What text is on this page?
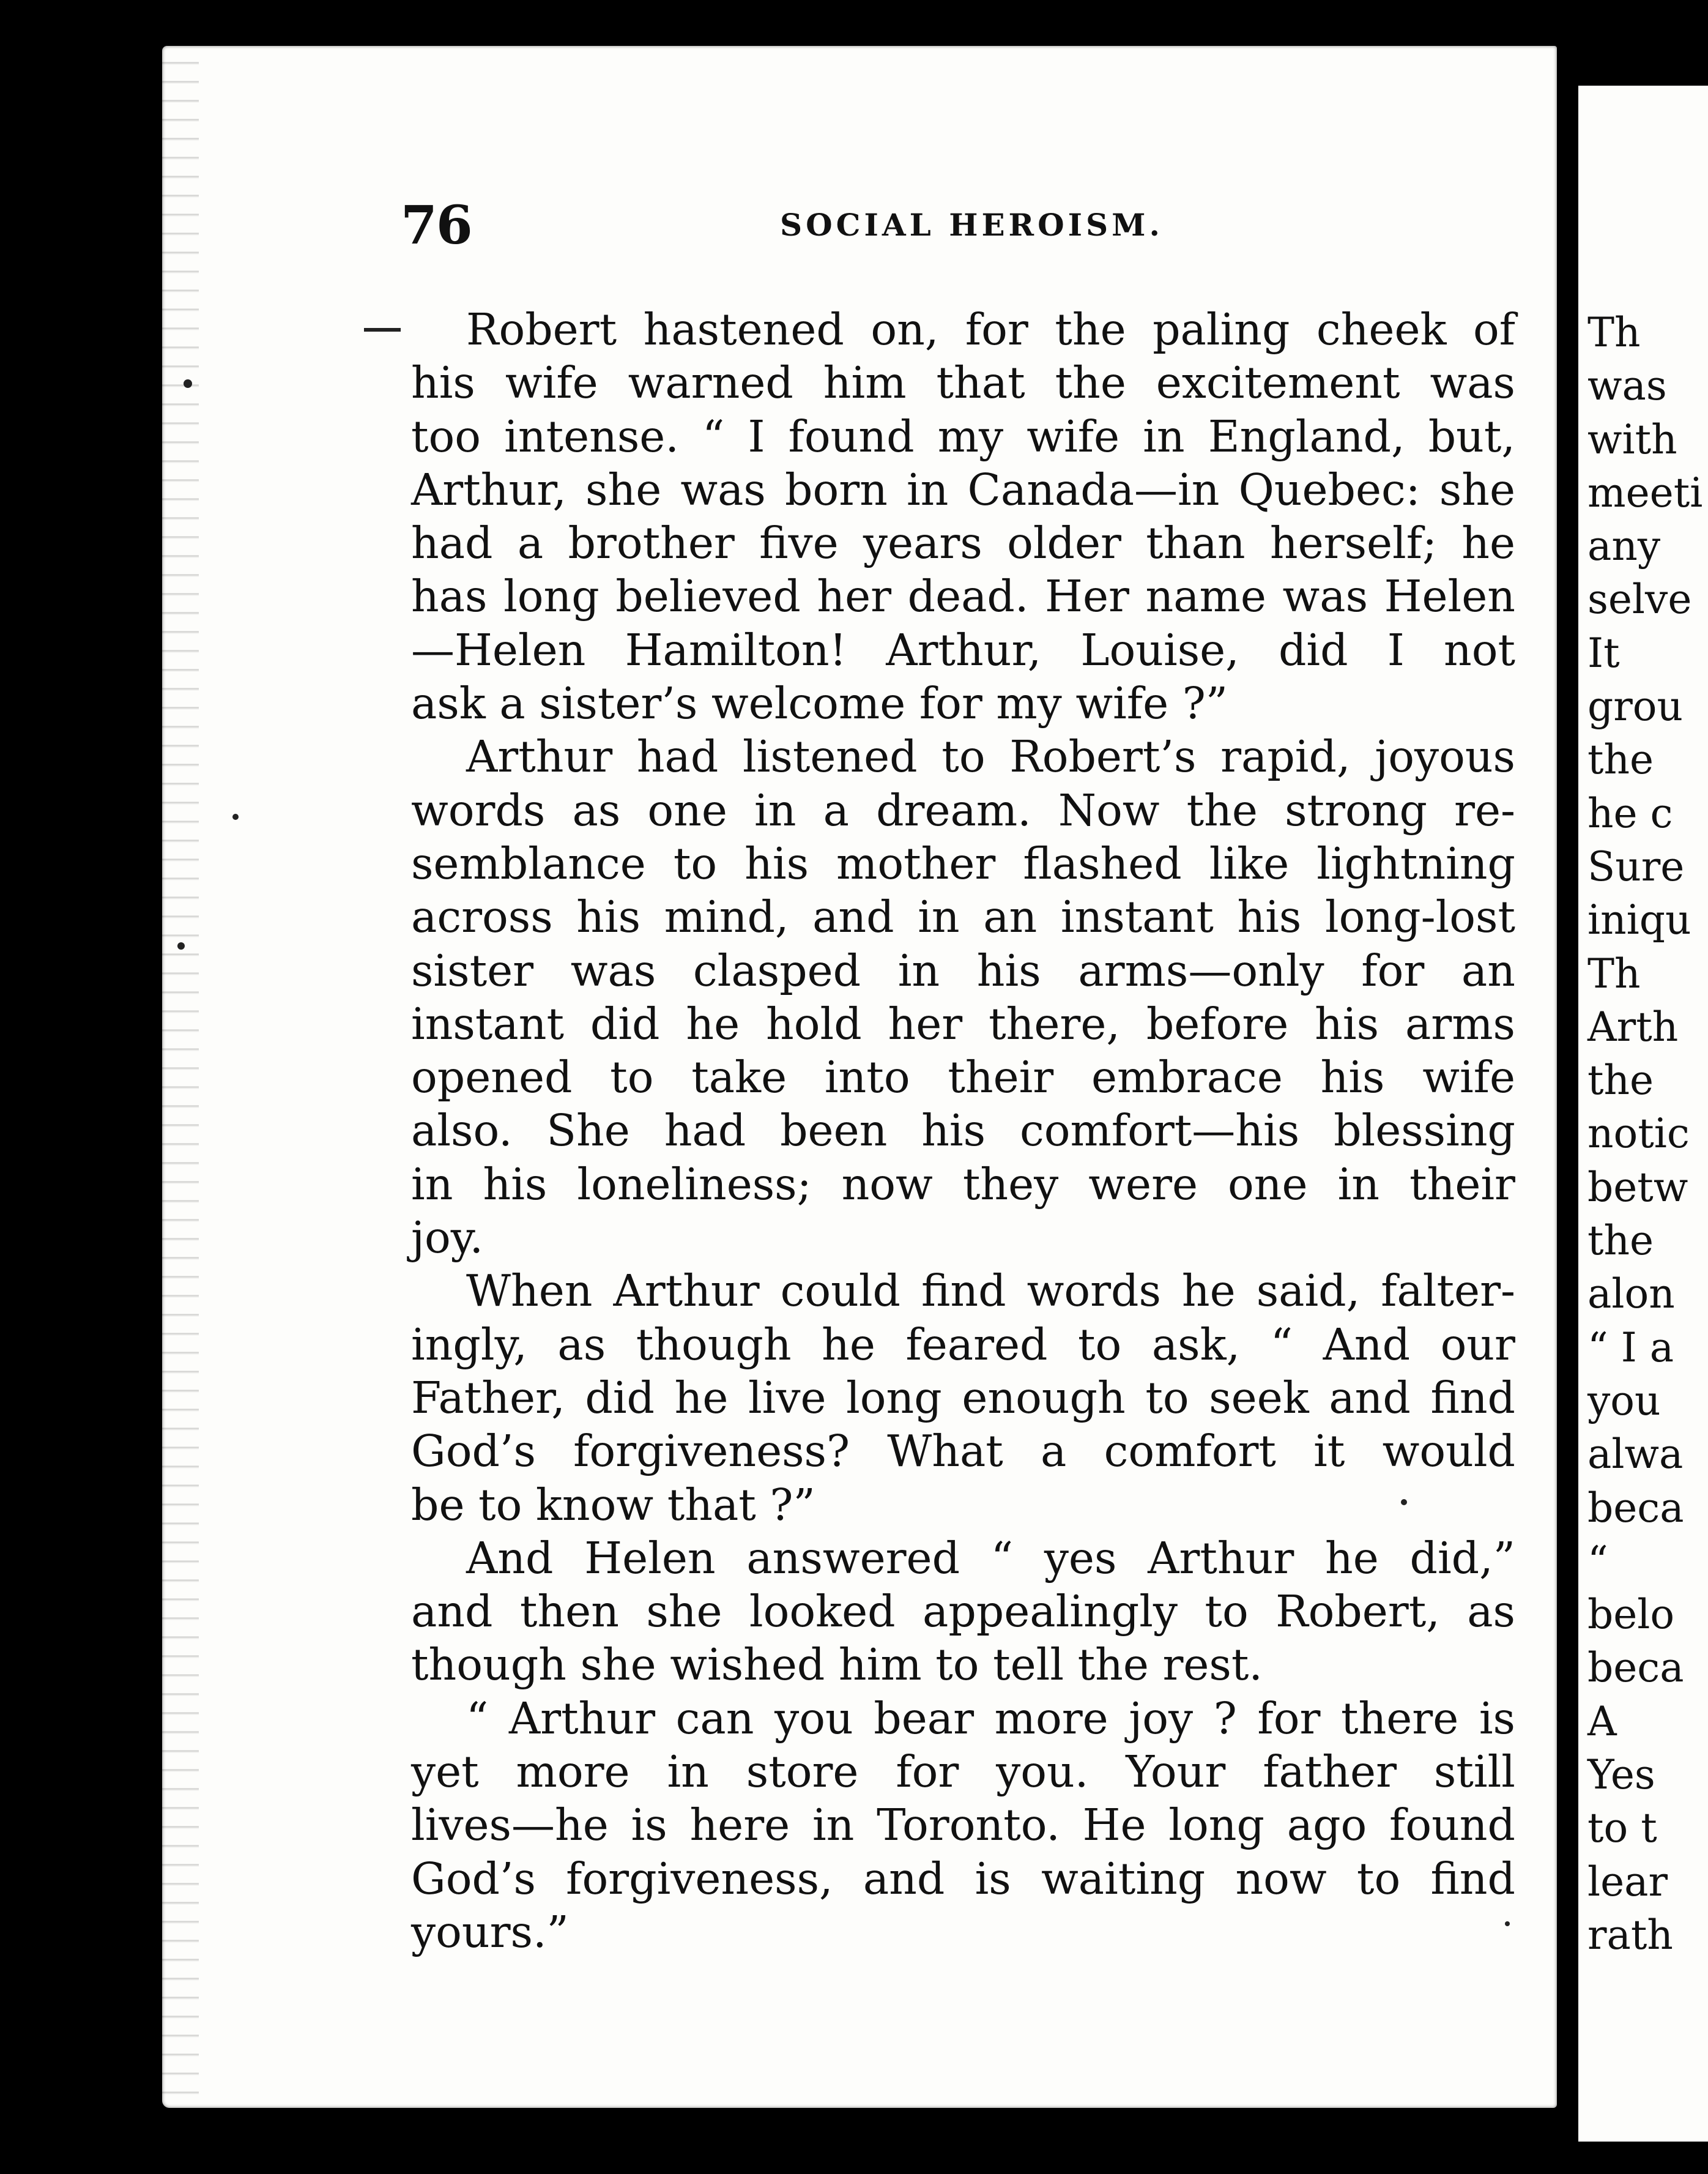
Th
was
with
meeti
any
selve
It
grou
the
he c
Sure
iniqu
Th
Arth
the
notic
betw
the
alon
“ I a
you
alwa
beca
“
belo
beca
A
Yes
to t
lear
rath
76	SOCIAL HEROISM.
Robert hastened on, for the paling cheek of
his wife warned him that the excitement was
too intense. “ I found my wife in England, but,
Arthur, she was born in Canada—in Quebec: she
had a brother five years older than herself; he
has long believed her dead. Her name was Helen
—Helen Hamilton! Arthur, Louise, did I not
ask a sister’s welcome for my wife ?”
Arthur had listened to Robert’s rapid, joyous
words as one in a dream. Now the strong re-
semblance to his mother flashed like lightning
across his mind, and in an instant his long-lost
sister was clasped in his arms—only for an
instant did he hold her there, before his arms
opened to take into their embrace his wife
also. She had been his comfort—his blessing
in his loneliness; now they were one in their
joy.
When Arthur could find words he said, falter-
ingly, as though he feared to ask, “ And our
Father, did he live long enough to seek and find
God’s forgiveness? What a comfort it would
be to know that ?”
And Helen answered “ yes Arthur he did,”
and then she looked appealingly to Robert, as
though she wished him to tell the rest.
“ Arthur can you bear more joy ? for there is
yet more in store for you. Your father still
lives—he is here in Toronto. He long ago found
God’s forgiveness, and is waiting now to find
yours.”
